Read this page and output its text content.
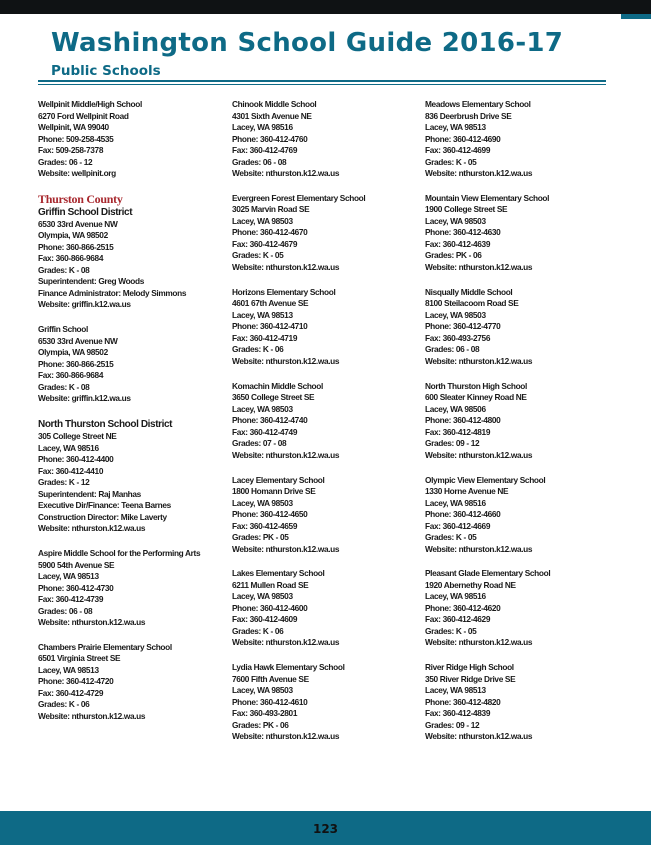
Washington School Guide 2016-17
Public Schools
Wellpinit Middle/High School
6270 Ford Wellpinit Road
Wellpinit, WA 99040
Phone: 509-258-4535
Fax: 509-258-7378
Grades: 06 - 12
Website: wellpinit.org
Thurston County
Griffin School District
6530 33rd Avenue NW
Olympia, WA 98502
Phone: 360-866-2515
Fax: 360-866-9684
Grades: K - 08
Superintendent: Greg Woods
Finance Administrator: Melody Simmons
Website: griffin.k12.wa.us
Griffin School
6530 33rd Avenue NW
Olympia, WA 98502
Phone: 360-866-2515
Fax: 360-866-9684
Grades: K - 08
Website: griffin.k12.wa.us
North Thurston School District
305 College Street NE
Lacey, WA 98516
Phone: 360-412-4400
Fax: 360-412-4410
Grades: K - 12
Superintendent: Raj Manhas
Executive Dir/Finance: Teena Barnes
Construction Director: Mike Laverty
Website: nthurston.k12.wa.us
Aspire Middle School for the Performing Arts
5900 54th Avenue SE
Lacey, WA 98513
Phone: 360-412-4730
Fax: 360-412-4739
Grades: 06 - 08
Website: nthurston.k12.wa.us
Chambers Prairie Elementary School
6501 Virginia Street SE
Lacey, WA 98513
Phone: 360-412-4720
Fax: 360-412-4729
Grades: K - 06
Website: nthurston.k12.wa.us
Chinook Middle School
4301 Sixth Avenue NE
Lacey, WA 98516
Phone: 360-412-4760
Fax: 360-412-4769
Grades: 06 - 08
Website: nthurston.k12.wa.us
Evergreen Forest Elementary School
3025 Marvin Road SE
Lacey, WA 98503
Phone: 360-412-4670
Fax: 360-412-4679
Grades: K - 05
Website: nthurston.k12.wa.us
Horizons Elementary School
4601 67th Avenue SE
Lacey, WA 98513
Phone: 360-412-4710
Fax: 360-412-4719
Grades: K - 06
Website: nthurston.k12.wa.us
Komachin Middle School
3650 College Street SE
Lacey, WA 98503
Phone: 360-412-4740
Fax: 360-412-4749
Grades: 07 - 08
Website: nthurston.k12.wa.us
Lacey Elementary School
1800 Homann Drive SE
Lacey, WA 98503
Phone: 360-412-4650
Fax: 360-412-4659
Grades: PK - 05
Website: nthurston.k12.wa.us
Lakes Elementary School
6211 Mullen Road SE
Lacey, WA 98503
Phone: 360-412-4600
Fax: 360-412-4609
Grades: K - 06
Website: nthurston.k12.wa.us
Lydia Hawk Elementary School
7600 Fifth Avenue SE
Lacey, WA 98503
Phone: 360-412-4610
Fax: 360-493-2801
Grades: PK - 06
Website: nthurston.k12.wa.us
Meadows Elementary School
836 Deerbrush Drive SE
Lacey, WA 98513
Phone: 360-412-4690
Fax: 360-412-4699
Grades: K - 05
Website: nthurston.k12.wa.us
Mountain View Elementary School
1900 College Street SE
Lacey, WA 98503
Phone: 360-412-4630
Fax: 360-412-4639
Grades: PK - 06
Website: nthurston.k12.wa.us
Nisqually Middle School
8100 Steilacoom Road SE
Lacey, WA 98503
Phone: 360-412-4770
Fax: 360-493-2756
Grades: 06 - 08
Website: nthurston.k12.wa.us
North Thurston High School
600 Sleater Kinney Road NE
Lacey, WA 98506
Phone: 360-412-4800
Fax: 360-412-4819
Grades: 09 - 12
Website: nthurston.k12.wa.us
Olympic View Elementary School
1330 Horne Avenue NE
Lacey, WA 98516
Phone: 360-412-4660
Fax: 360-412-4669
Grades: K - 05
Website: nthurston.k12.wa.us
Pleasant Glade Elementary School
1920 Abernethy Road NE
Lacey, WA 98516
Phone: 360-412-4620
Fax: 360-412-4629
Grades: K - 05
Website: nthurston.k12.wa.us
River Ridge High School
350 River Ridge Drive SE
Lacey, WA 98513
Phone: 360-412-4820
Fax: 360-412-4839
Grades: 09 - 12
Website: nthurston.k12.wa.us
123
